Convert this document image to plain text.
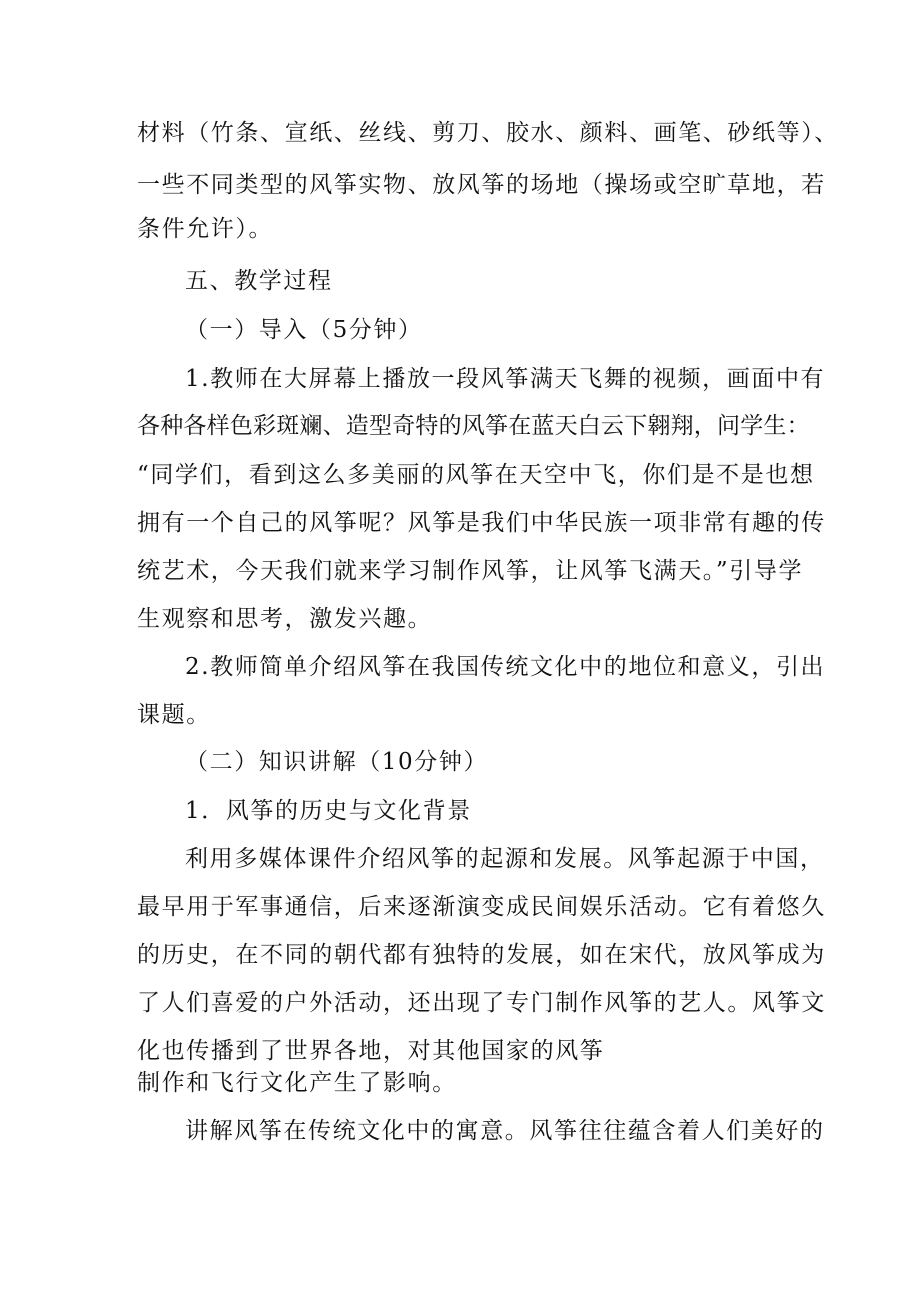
材料（竹条、宣纸、丝线、剪刀、胶水、颜料、画笔、砂纸等）、
一些不同类型的风筝实物、放风筝的场地（操场或空旷草地，若
条件允许）。
五、教学过程
（一）导入（5分钟）
1.教师在大屏幕上播放一段风筝满天飞舞的视频，画面中有
各种各样色彩斑斓、造型奇特的风筝在蓝天白云下翱翔，问学生：
“同学们，看到这么多美丽的风筝在天空中飞，你们是不是也想
拥有一个自己的风筝呢？风筝是我们中华民族一项非常有趣的传
统艺术，今天我们就来学习制作风筝，让风筝飞满天。”引导学
生观察和思考，激发兴趣。
2.教师简单介绍风筝在我国传统文化中的地位和意义，引出
课题。
（二）知识讲解（10分钟）
1．风筝的历史与文化背景
利用多媒体课件介绍风筝的起源和发展。风筝起源于中国，
最早用于军事通信，后来逐渐演变成民间娱乐活动。它有着悠久
的历史，在不同的朝代都有独特的发展，如在宋代，放风筝成为
了人们喜爱的户外活动，还出现了专门制作风筝的艺人。风筝文
化也传播到了世界各地，对其他国家的风筝
制作和飞行文化产生了影响。
讲解风筝在传统文化中的寓意。风筝往往蕴含着人们美好的
